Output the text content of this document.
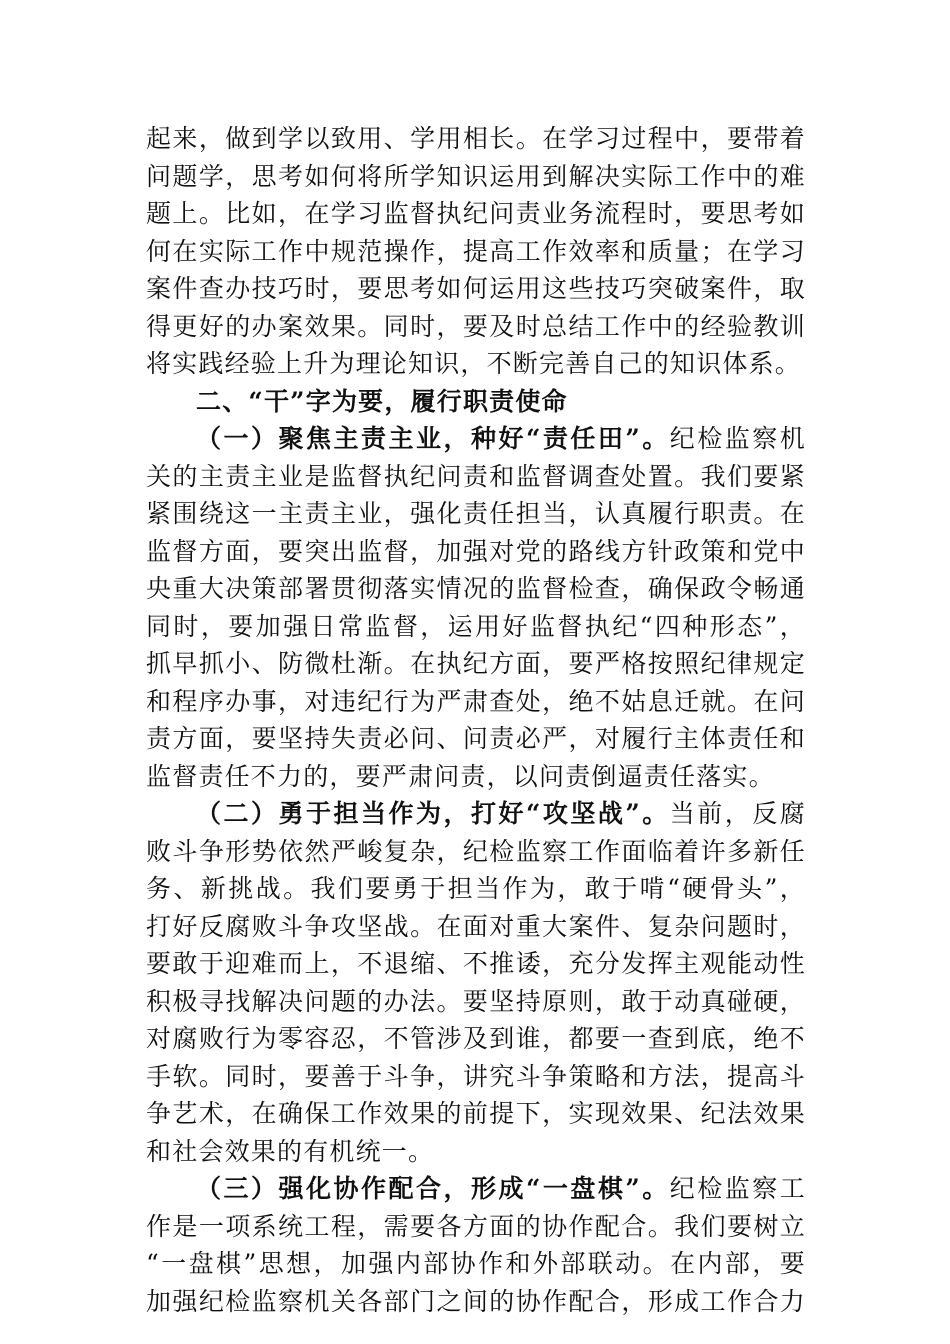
起来，做到学以致用、学用相长。在学习过程中，要带着
问题学，思考如何将所学知识运用到解决实际工作中的难
题上。比如，在学习监督执纪问责业务流程时，要思考如
何在实际工作中规范操作，提高工作效率和质量；在学习
案件查办技巧时，要思考如何运用这些技巧突破案件，取
得更好的办案效果。同时，要及时总结工作中的经验教训
将实践经验上升为理论知识，不断完善自己的知识体系。
二、“干”字为要，履行职责使命
（一）聚焦主责主业，种好“责任田”。纪检监察机
关的主责主业是监督执纪问责和监督调查处置。我们要紧
紧围绕这一主责主业，强化责任担当，认真履行职责。在
监督方面，要突出监督，加强对党的路线方针政策和党中
央重大决策部署贯彻落实情况的监督检查，确保政令畅通
同时，要加强日常监督，运用好监督执纪“四种形态”，
抓早抓小、防微杜渐。在执纪方面，要严格按照纪律规定
和程序办事，对违纪行为严肃查处，绝不姑息迁就。在问
责方面，要坚持失责必问、问责必严，对履行主体责任和
监督责任不力的，要严肃问责，以问责倒逼责任落实。
（二）勇于担当作为，打好“攻坚战”。当前，反腐
败斗争形势依然严峻复杂，纪检监察工作面临着许多新任
务、新挑战。我们要勇于担当作为，敢于啃“硬骨头”，
打好反腐败斗争攻坚战。在面对重大案件、复杂问题时，
要敢于迎难而上，不退缩、不推诿，充分发挥主观能动性
积极寻找解决问题的办法。要坚持原则，敢于动真碰硬，
对腐败行为零容忍，不管涉及到谁，都要一查到底，绝不
手软。同时，要善于斗争，讲究斗争策略和方法，提高斗
争艺术，在确保工作效果的前提下，实现效果、纪法效果
和社会效果的有机统一。
（三）强化协作配合，形成“一盘棋”。纪检监察工
作是一项系统工程，需要各方面的协作配合。我们要树立
“一盘棋”思想，加强内部协作和外部联动。在内部，要
加强纪检监察机关各部门之间的协作配合，形成工作合力
